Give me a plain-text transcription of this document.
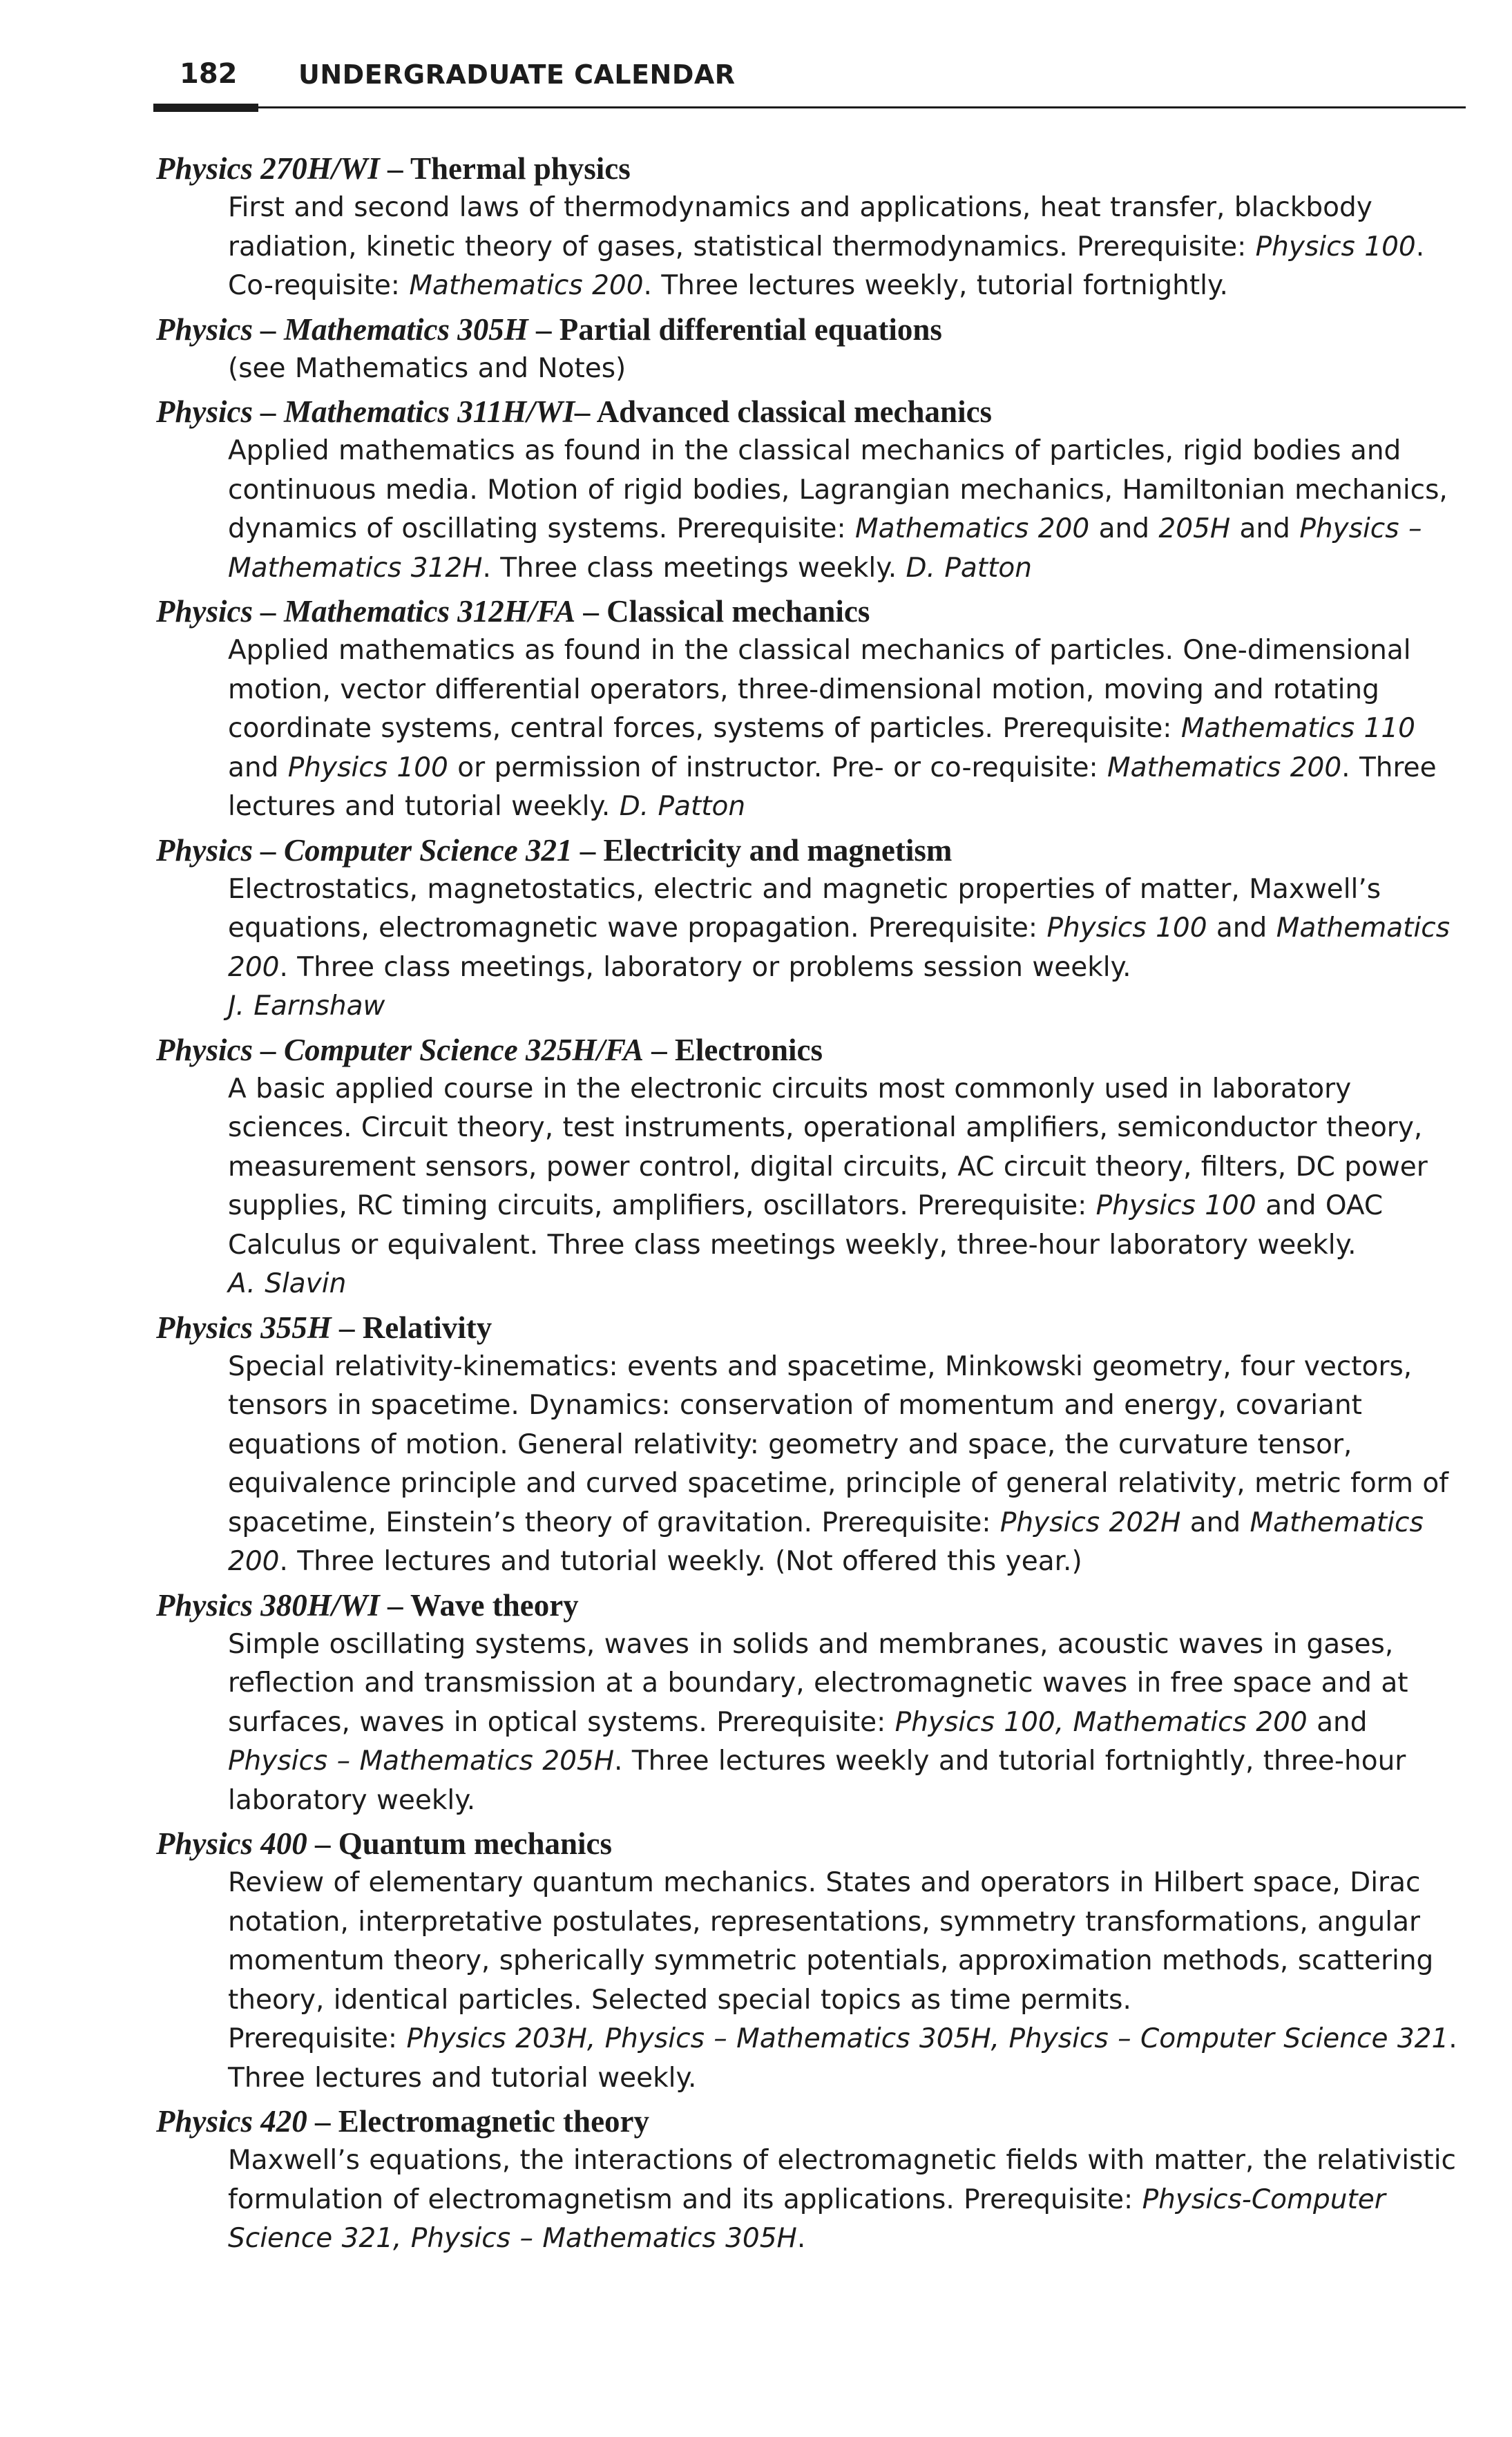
182 UNDERGRADUATE CALENDAR
Physics 270H/WI – Thermal physics
First and second laws of thermodynamics and applications, heat transfer, blackbody radiation, kinetic theory of gases, statistical thermodynamics. Prerequisite: Physics 100. Co-requisite: Mathematics 200. Three lectures weekly, tutorial fortnightly.
Physics – Mathematics 305H – Partial differential equations
(see Mathematics and Notes)
Physics – Mathematics 311H/WI– Advanced classical mechanics
Applied mathematics as found in the classical mechanics of particles, rigid bodies and continuous media. Motion of rigid bodies, Lagrangian mechanics, Hamiltonian mechanics, dynamics of oscillating systems. Prerequisite: Mathematics 200 and 205H and Physics – Mathematics 312H. Three class meetings weekly. D. Patton
Physics – Mathematics 312H/FA – Classical mechanics
Applied mathematics as found in the classical mechanics of particles. One-dimensional motion, vector differential operators, three-dimensional motion, moving and rotating coordinate systems, central forces, systems of particles. Prerequisite: Mathematics 110 and Physics 100 or permission of instructor. Pre- or co-requisite: Mathematics 200. Three lectures and tutorial weekly. D. Patton
Physics – Computer Science 321 – Electricity and magnetism
Electrostatics, magnetostatics, electric and magnetic properties of matter, Maxwell’s equations, electromagnetic wave propagation. Prerequisite: Physics 100 and Mathematics 200. Three class meetings, laboratory or problems session weekly.
J. Earnshaw
Physics – Computer Science 325H/FA – Electronics
A basic applied course in the electronic circuits most commonly used in laboratory sciences. Circuit theory, test instruments, operational amplifiers, semiconductor theory, measurement sensors, power control, digital circuits, AC circuit theory, filters, DC power supplies, RC timing circuits, amplifiers, oscillators. Prerequisite: Physics 100 and OAC Calculus or equivalent. Three class meetings weekly, three-hour laboratory weekly.
A. Slavin
Physics 355H – Relativity
Special relativity-kinematics: events and spacetime, Minkowski geometry, four vectors, tensors in spacetime. Dynamics: conservation of momentum and energy, covariant equations of motion. General relativity: geometry and space, the curvature tensor, equivalence principle and curved spacetime, principle of general relativity, metric form of spacetime, Einstein’s theory of gravitation. Prerequisite: Physics 202H and Mathematics 200. Three lectures and tutorial weekly. (Not offered this year.)
Physics 380H/WI – Wave theory
Simple oscillating systems, waves in solids and membranes, acoustic waves in gases, reflection and transmission at a boundary, electromagnetic waves in free space and at surfaces, waves in optical systems. Prerequisite: Physics 100, Mathematics 200 and Physics – Mathematics 205H. Three lectures weekly and tutorial fortnightly, three-hour laboratory weekly.
Physics 400 – Quantum mechanics
Review of elementary quantum mechanics. States and operators in Hilbert space, Dirac notation, interpretative postulates, representations, symmetry transformations, angular momentum theory, spherically symmetric potentials, approximation methods, scattering theory, identical particles. Selected special topics as time permits.
Prerequisite: Physics 203H, Physics – Mathematics 305H, Physics – Computer Science 321. Three lectures and tutorial weekly.
Physics 420 – Electromagnetic theory
Maxwell’s equations, the interactions of electromagnetic fields with matter, the relativistic formulation of electromagnetism and its applications. Prerequisite: Physics-Computer Science 321, Physics – Mathematics 305H.
